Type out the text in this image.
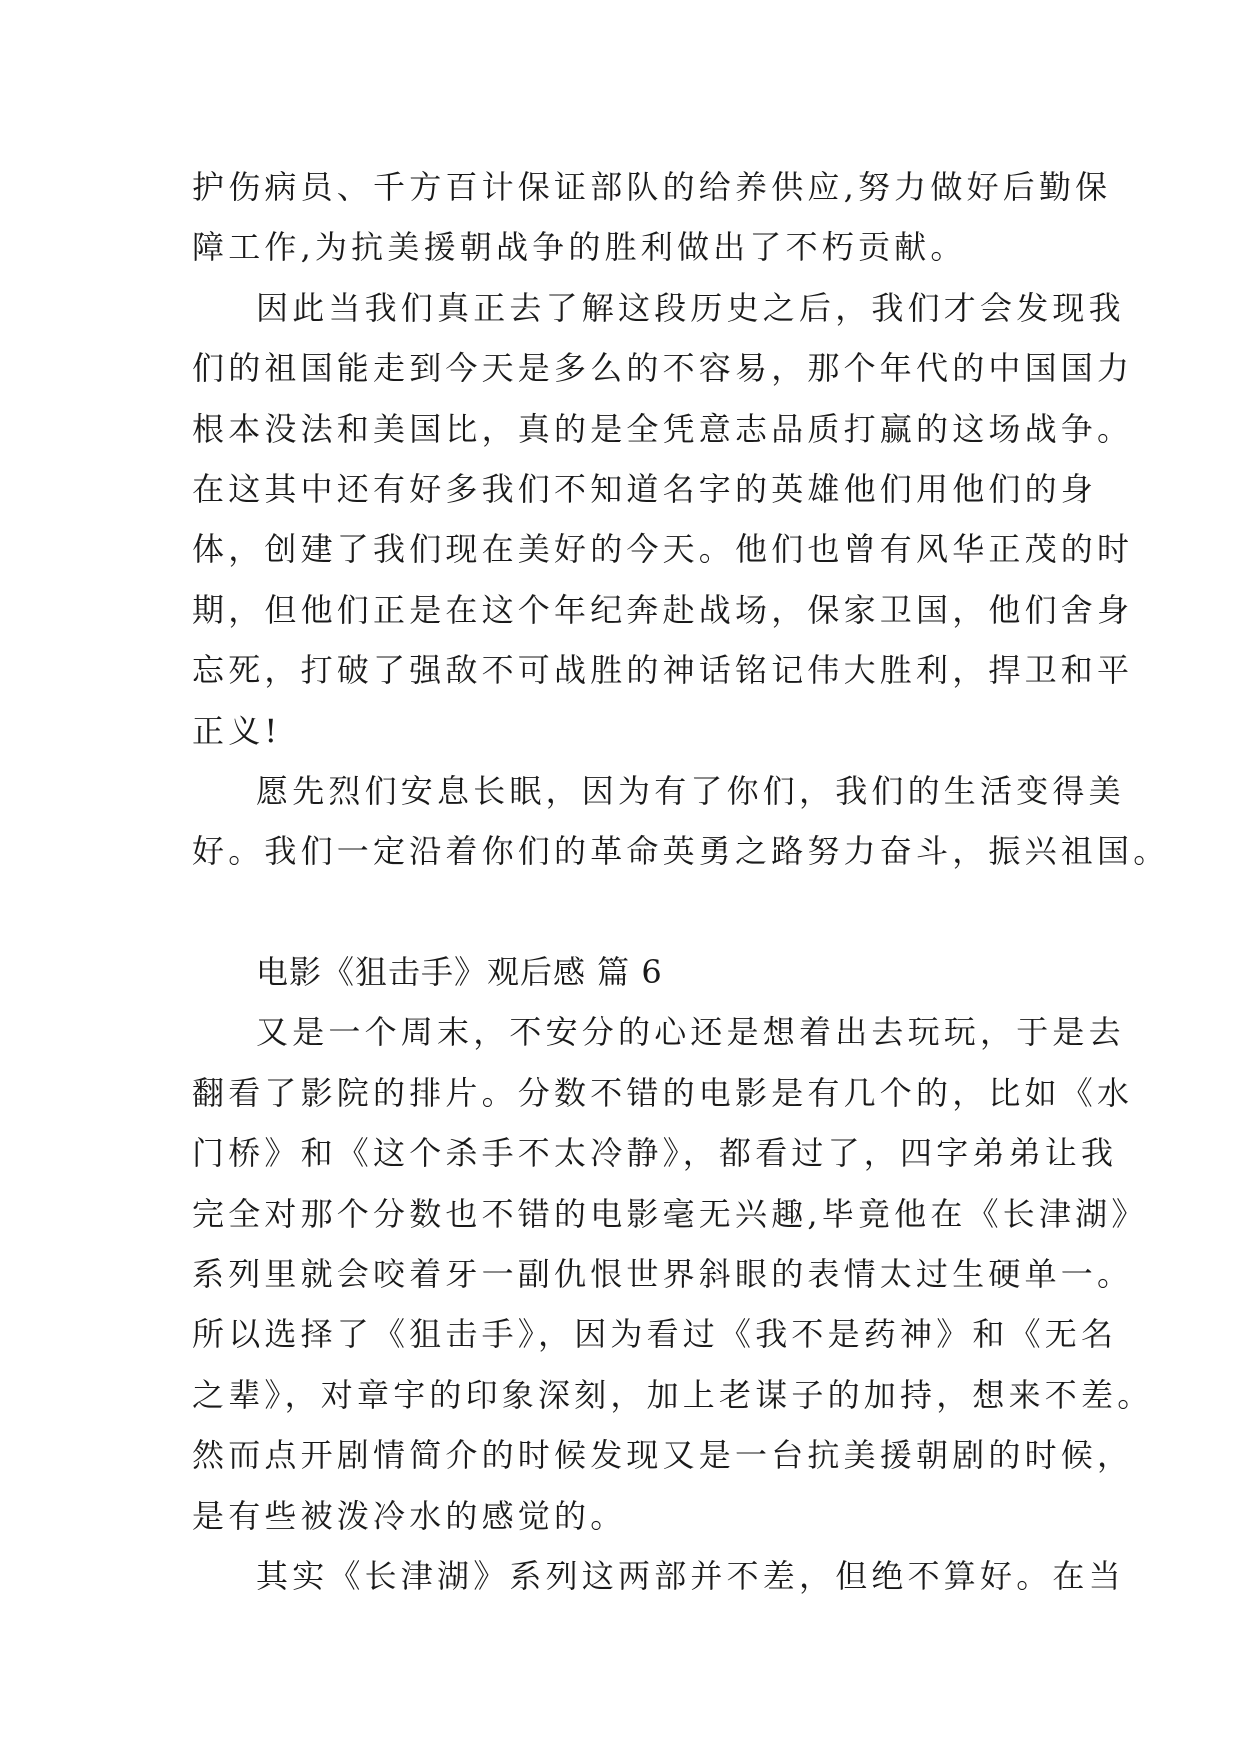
护伤病员、千方百计保证部队的给养供应,努力做好后勤保
障工作,为抗美援朝战争的胜利做出了不朽贡献。
因此当我们真正去了解这段历史之后，我们才会发现我
们的祖国能走到今天是多么的不容易，那个年代的中国国力
根本没法和美国比，真的是全凭意志品质打赢的这场战争。
在这其中还有好多我们不知道名字的英雄他们用他们的身
体，创建了我们现在美好的今天。他们也曾有风华正茂的时
期，但他们正是在这个年纪奔赴战场，保家卫国，他们舍身
忘死，打破了强敌不可战胜的神话铭记伟大胜利，捍卫和平
正义!
愿先烈们安息长眠，因为有了你们，我们的生活变得美
好。我们一定沿着你们的革命英勇之路努力奋斗，振兴祖国。
电影《狙击手》观后感 篇 6
又是一个周末，不安分的心还是想着出去玩玩，于是去
翻看了影院的排片。分数不错的电影是有几个的，比如《水
门桥》和《这个杀手不太冷静》，都看过了，四字弟弟让我
完全对那个分数也不错的电影毫无兴趣,毕竟他在《长津湖》
系列里就会咬着牙一副仇恨世界斜眼的表情太过生硬单一。
所以选择了《狙击手》，因为看过《我不是药神》和《无名
之辈》，对章宇的印象深刻，加上老谋子的加持，想来不差。
然而点开剧情简介的时候发现又是一台抗美援朝剧的时候，
是有些被泼冷水的感觉的。
其实《长津湖》系列这两部并不差，但绝不算好。在当
